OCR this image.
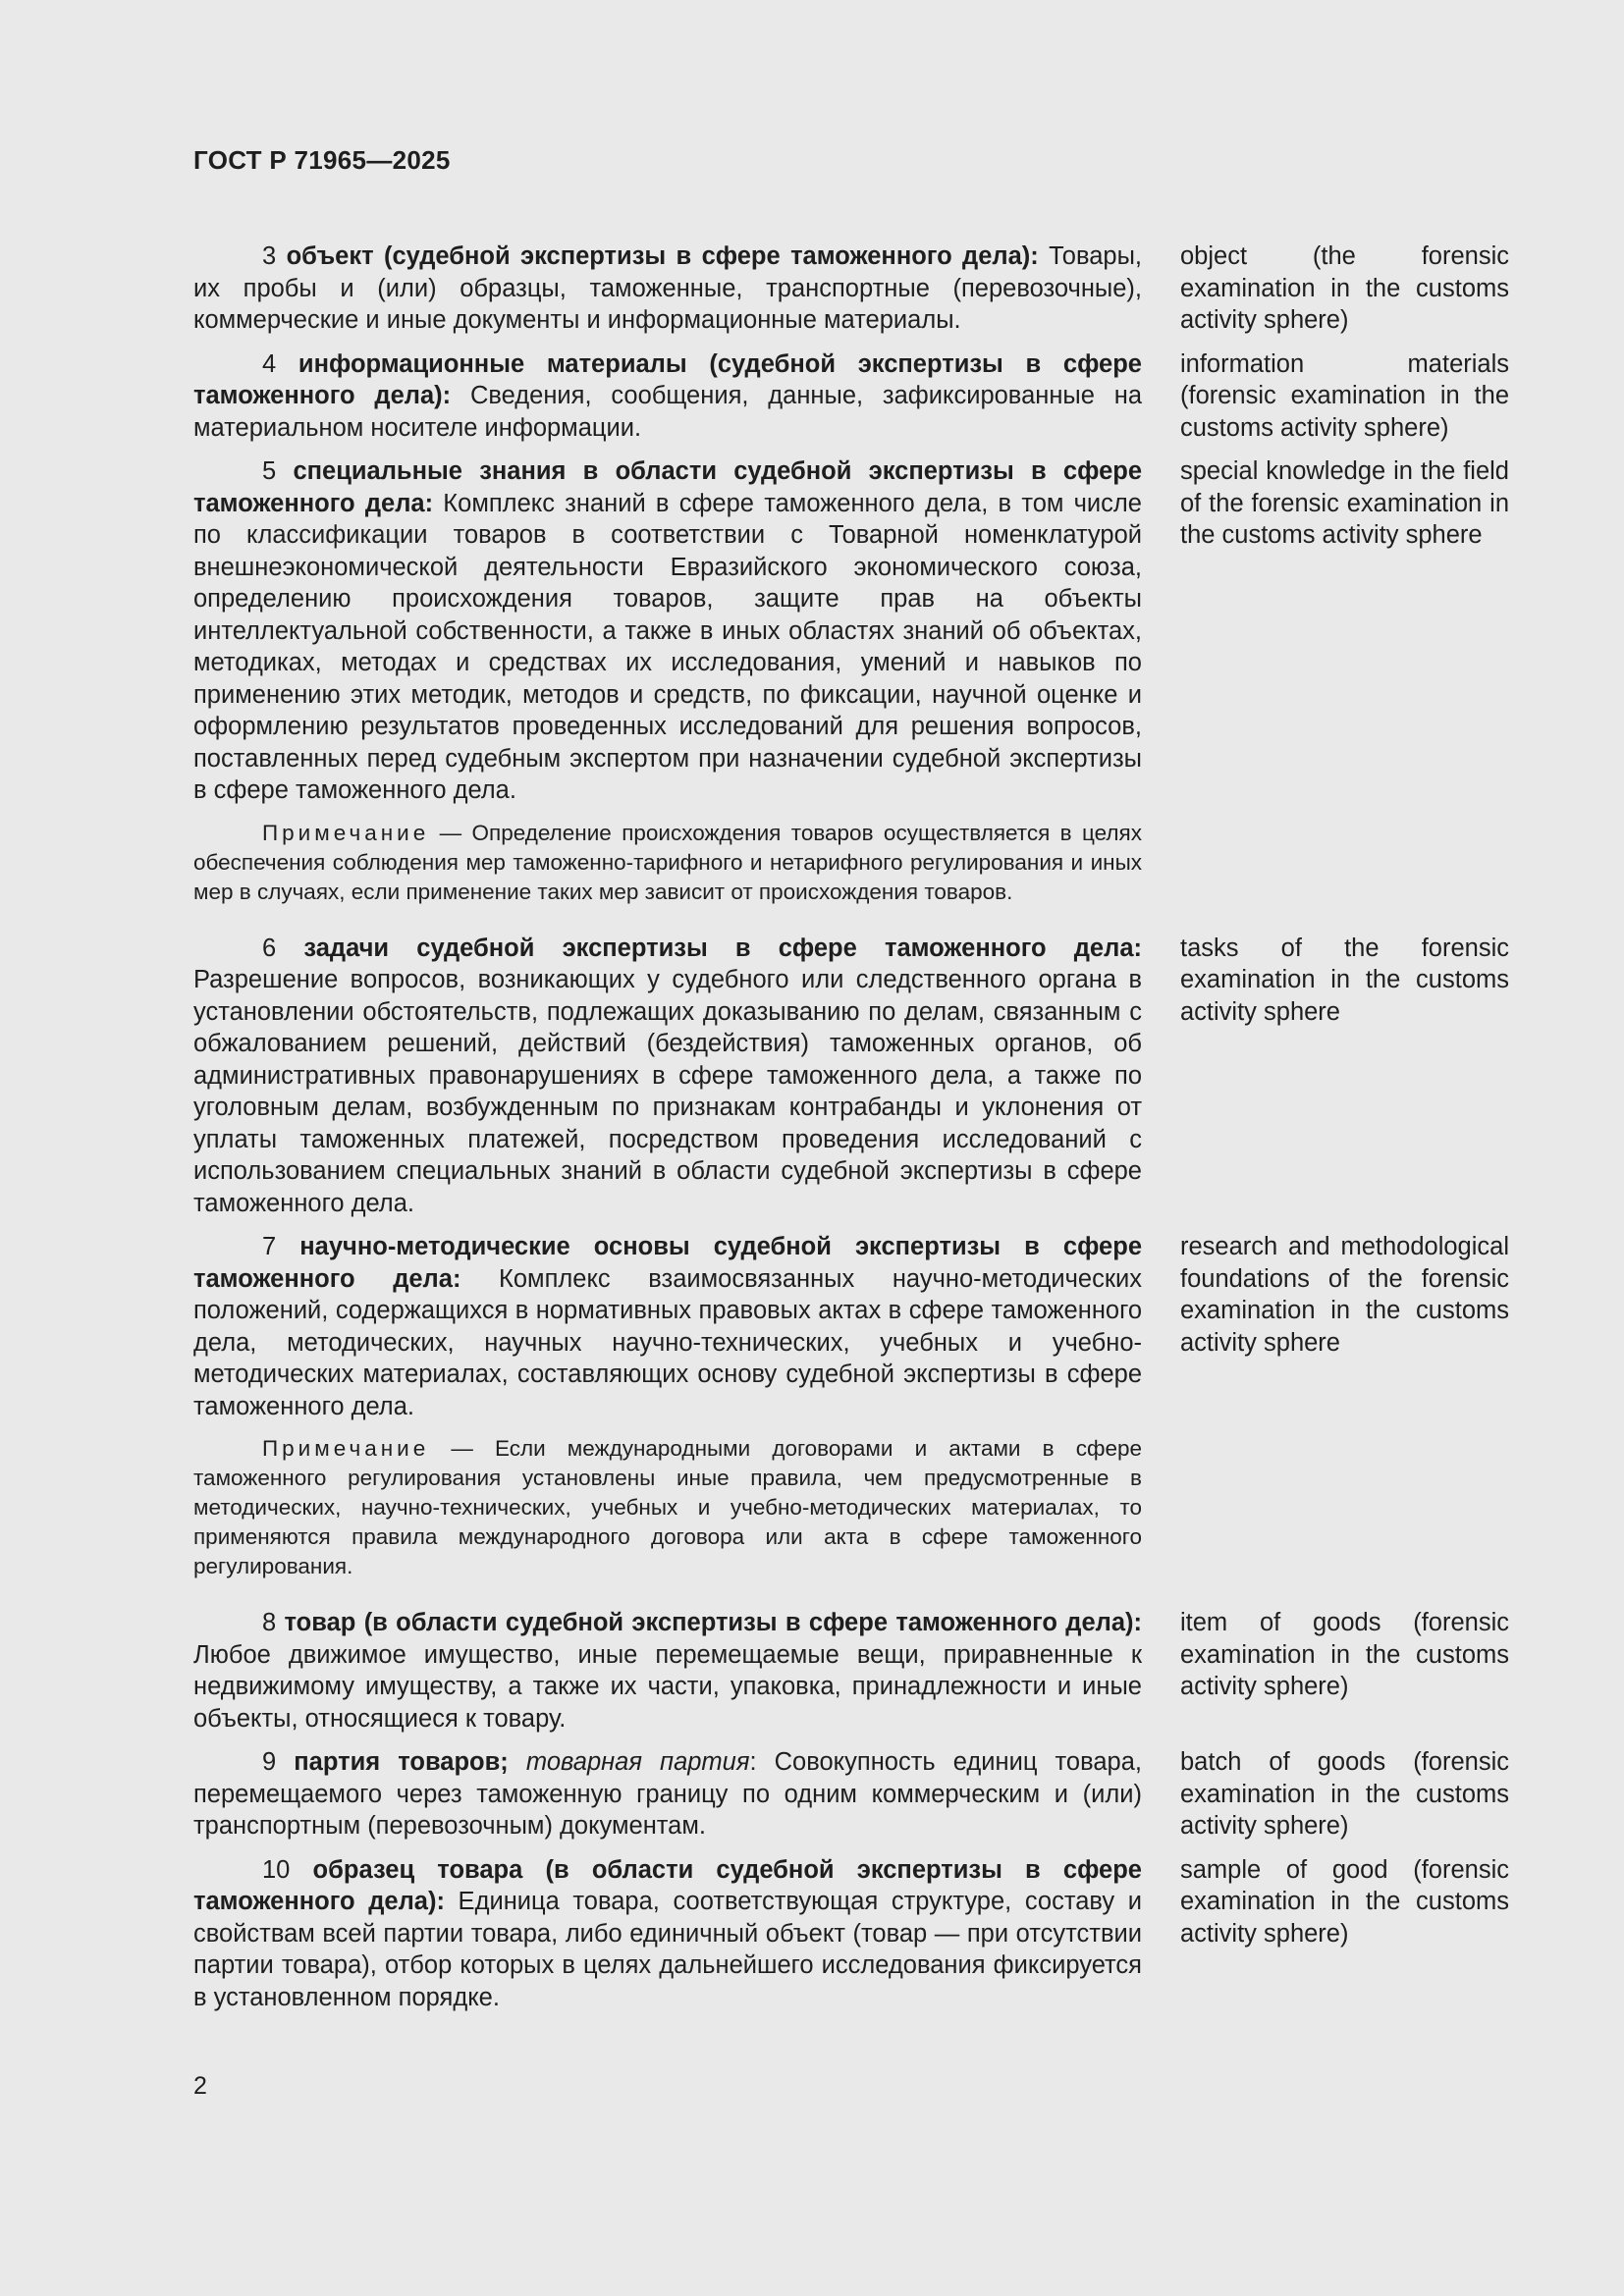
ГОСТ Р 71965—2025
3 объект (судебной экспертизы в сфере таможенного дела): Товары, их пробы и (или) образцы, таможенные, транспортные (перевозочные), коммерческие и иные документы и информационные материалы.
object (the forensic examination in the customs activity sphere)
4 информационные материалы (судебной экспертизы в сфере таможенного дела): Сведения, сообщения, данные, зафиксированные на материальном носителе информации.
information materials (forensic examination in the customs activity sphere)
5 специальные знания в области судебной экспертизы в сфере таможенного дела: Комплекс знаний в сфере таможенного дела, в том числе по классификации товаров в соответствии с Товарной номенклатурой внешнеэкономической деятельности Евразийского экономического союза, определению происхождения товаров, защите прав на объекты интеллектуальной собственности, а также в иных областях знаний об объектах, методиках, методах и средствах их исследования, умений и навыков по применению этих методик, методов и средств, по фиксации, научной оценке и оформлению результатов проведенных исследований для решения вопросов, поставленных перед судебным экспертом при назначении судебной экспертизы в сфере таможенного дела.
special knowledge in the field of the forensic examination in the customs activity sphere
Примечание — Определение происхождения товаров осуществляется в целях обеспечения соблюдения мер таможенно-тарифного и нетарифного регулирования и иных мер в случаях, если применение таких мер зависит от происхождения товаров.
6 задачи судебной экспертизы в сфере таможенного дела: Разрешение вопросов, возникающих у судебного или следственного органа в установлении обстоятельств, подлежащих доказыванию по делам, связанным с обжалованием решений, действий (бездействия) таможенных органов, об административных правонарушениях в сфере таможенного дела, а также по уголовным делам, возбужденным по признакам контрабанды и уклонения от уплаты таможенных платежей, посредством проведения исследований с использованием специальных знаний в области судебной экспертизы в сфере таможенного дела.
tasks of the forensic examination in the customs activity sphere
7 научно-методические основы судебной экспертизы в сфере таможенного дела: Комплекс взаимосвязанных научно-методических положений, содержащихся в нормативных правовых актах в сфере таможенного дела, методических, научных научно-технических, учебных и учебно-методических материалах, составляющих основу судебной экспертизы в сфере таможенного дела.
research and methodological foundations of the forensic examination in the customs activity sphere
Примечание — Если международными договорами и актами в сфере таможенного регулирования установлены иные правила, чем предусмотренные в методических, научно-технических, учебных и учебно-методических материалах, то применяются правила международного договора или акта в сфере таможенного регулирования.
8 товар (в области судебной экспертизы в сфере таможенного дела): Любое движимое имущество, иные перемещаемые вещи, приравненные к недвижимому имуществу, а также их части, упаковка, принадлежности и иные объекты, относящиеся к товару.
item of goods (forensic examination in the customs activity sphere)
9 партия товаров; товарная партия: Совокупность единиц товара, перемещаемого через таможенную границу по одним коммерческим и (или) транспортным (перевозочным) документам.
batch of goods (forensic examination in the customs activity sphere)
10 образец товара (в области судебной экспертизы в сфере таможенного дела): Единица товара, соответствующая структуре, составу и свойствам всей партии товара, либо единичный объект (товар — при отсутствии партии товара), отбор которых в целях дальнейшего исследования фиксируется в установленном порядке.
sample of good (forensic examination in the customs activity sphere)
2
